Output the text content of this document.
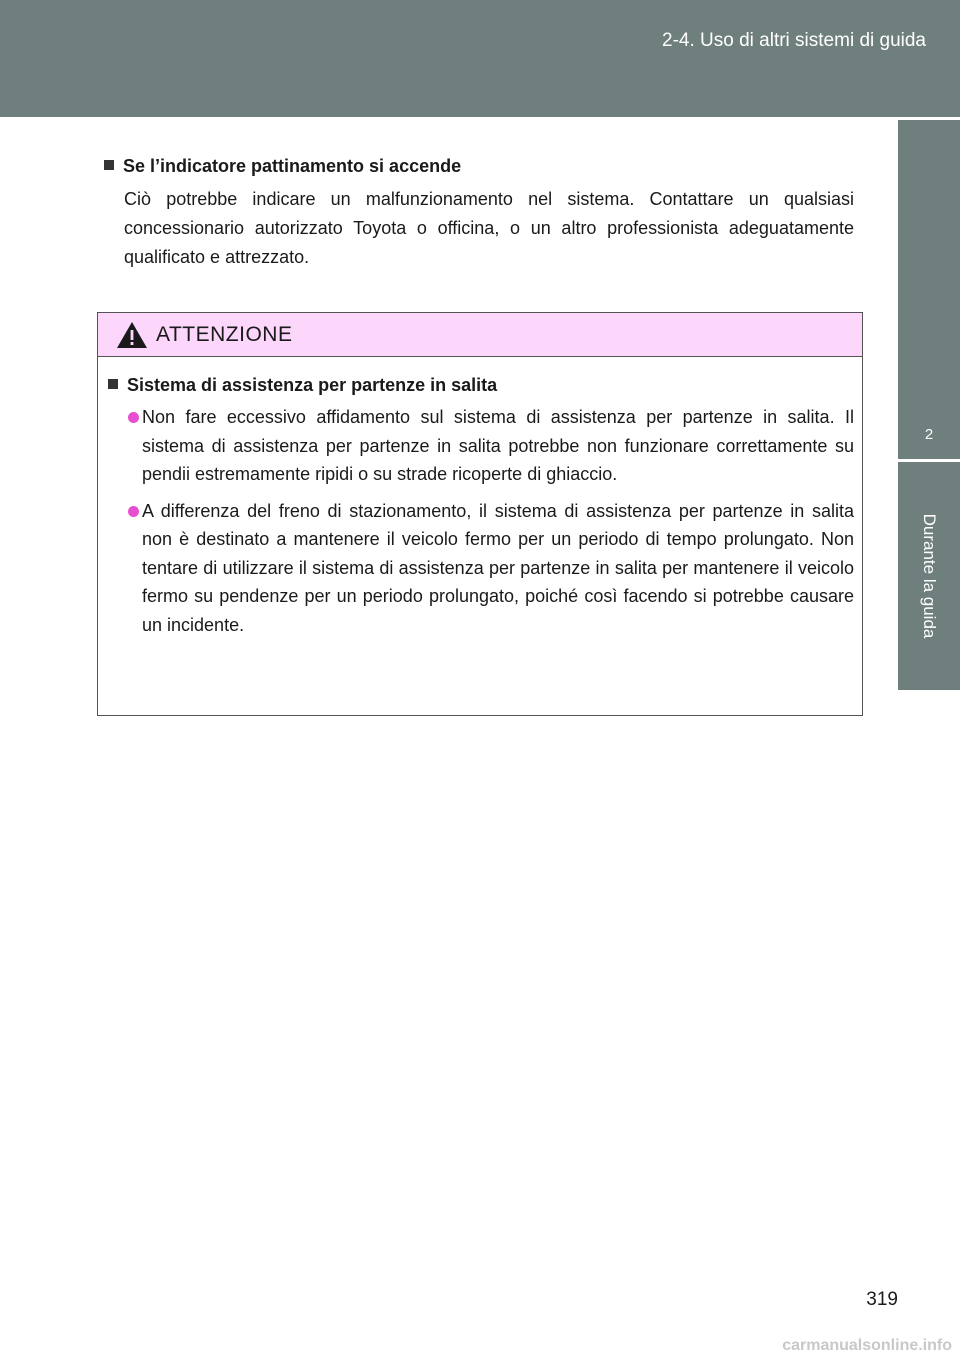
2-4. Uso di altri sistemi di guida
2
Durante la guida
Se l’indicatore pattinamento si accende

Ciò potrebbe indicare un malfunzionamento nel sistema. Contattare un qualsiasi concessionario autorizzato Toyota o officina, o un altro professionista adeguatamente qualificato e attrezzato.

ATTENZIONE
Sistema di assistenza per partenze in salita
Non fare eccessivo affidamento sul sistema di assistenza per partenze in salita. Il sistema di assistenza per partenze in salita potrebbe non funzionare correttamente su pendii estremamente ripidi o su strade ricoperte di ghiaccio.
A differenza del freno di stazionamento, il sistema di assistenza per partenze in salita non è destinato a mantenere il veicolo fermo per un periodo di tempo prolungato. Non tentare di utilizzare il sistema di assistenza per partenze in salita per mantenere il veicolo fermo su pendenze per un periodo prolungato, poiché così facendo si potrebbe causare un incidente.
319
carmanualsonline.info
